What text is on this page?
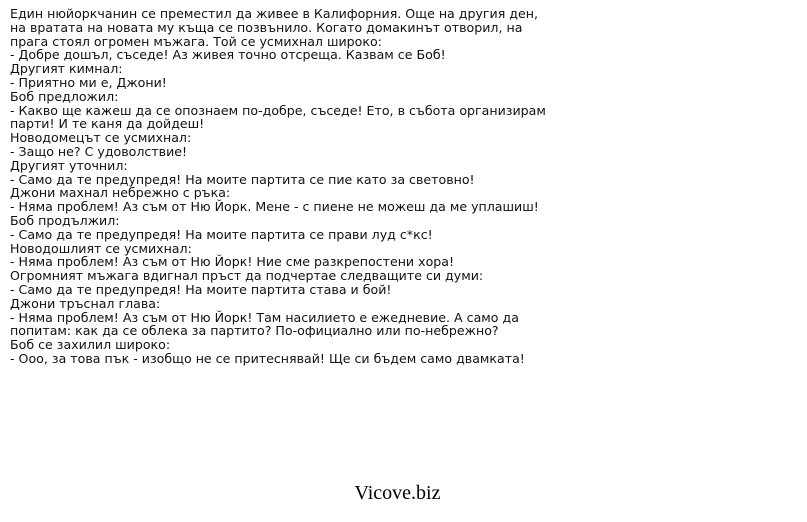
Един нюйоркчанин се преместил да живее в Калифорния. Още на другия ден, на вратата на новата му къща се позвънило. Когато домакинът отворил, на прага стоял огромен мъжага. Той се усмихнал широко:
- Добре дошъл, съседе! Аз живея точно отсреща. Казвам се Боб!
Другият кимнал:
- Приятно ми е, Джони!
Боб предложил:
- Какво ще кажеш да се опознаем по-добре, съседе! Ето, в събота организирам парти! И те каня да дойдеш!
Новодомецът се усмихнал:
- Защо не? С удоволствие!
Другият уточнил:
- Само да те предупредя! На моите партита се пие като за световно!
Джони махнал небрежно с ръка:
- Няма проблем! Аз съм от Ню Йорк. Мене - с пиене не можеш да ме уплашиш!
Боб продължил:
- Само да те предупредя! На моите партита се прави луд с*кс!
Новодошлият се усмихнал:
- Няма проблем! Аз съм от Ню Йорк! Ние сме разкрепостени хора!
Огромният мъжага вдигнал пръст да подчертае следващите си думи:
- Само да те предупредя! На моите партита става и бой!
Джони тръснал глава:
- Няма проблем! Аз съм от Ню Йорк! Там насилието е ежедневие. А само да попитам: как да се облека за партито? По-официално или по-небрежно?
Боб се захилил широко:
- Ооо, за това пък - изобщо не се притеснявай! Ще си бъдем само двамката!
Vicove.biz
